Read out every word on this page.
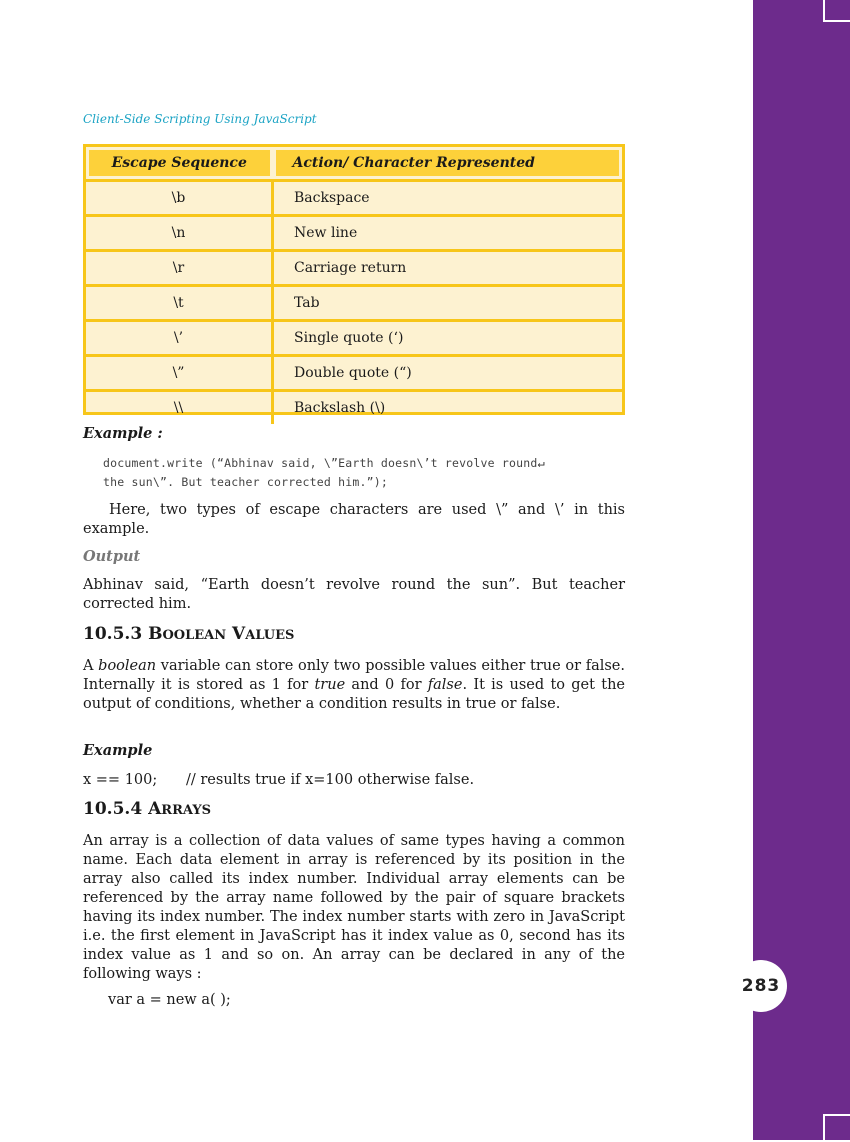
283
Client-Side Scripting Using JavaScript
Escape Sequence	Action/ Character Represented
\b	Backspace
\n	New line
\r	Carriage return
\t	Tab
\’	Single quote (‘)
\”	Double quote (“)
\\	Backslash (\)
Example :
document.write (“Abhinav said, \”Earth doesn\’t revolve round↵
the sun\”. But teacher corrected him.”);
Here, two types of escape characters are used \” and \’ in this example.
Output
Abhinav said, “Earth doesn’t revolve round the sun”. But teacher corrected him.
10.5.3 BOOLEAN VALUES
A boolean variable can store only two possible values either true or false. Internally it is stored as 1 for true and 0 for false. It is used to get the output of conditions, whether a condition results in true or false.
Example
x == 100; // results true if x=100 otherwise false.
10.5.4 ARRAYS
An array is a collection of data values of same types having a common name. Each data element in array is referenced by its position in the array also called its index number. Individual array elements can be referenced by the array name followed by the pair of square brackets having its index number. The index number starts with zero in JavaScript i.e. the first element in JavaScript has it index value as 0, second has its index value as 1 and so on. An array can be declared in any of the following ways :
var a = new a( );
